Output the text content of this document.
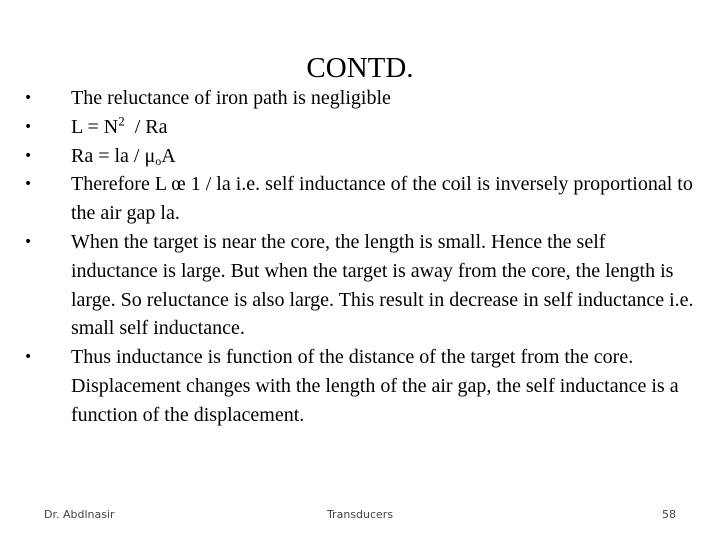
CONTD.
•	The reluctance of iron path is negligible
•	$L = N^2 / Ra$
•	Ra = la / $\mu_oA$
•	Therefore L œ 1 / la i.e. self inductance of the coil is inversely proportional to the air gap la.
•	When the target is near the core, the length is small. Hence the self inductance is large. But when the target is away from the core, the length is large. So reluctance is also large. This result in decrease in self inductance i.e. small self inductance.
•	Thus inductance is function of the distance of the target from the core. Displacement changes with the length of the air gap, the self inductance is a function of the displacement.
Dr. Abdlnasir	Transducers	58
